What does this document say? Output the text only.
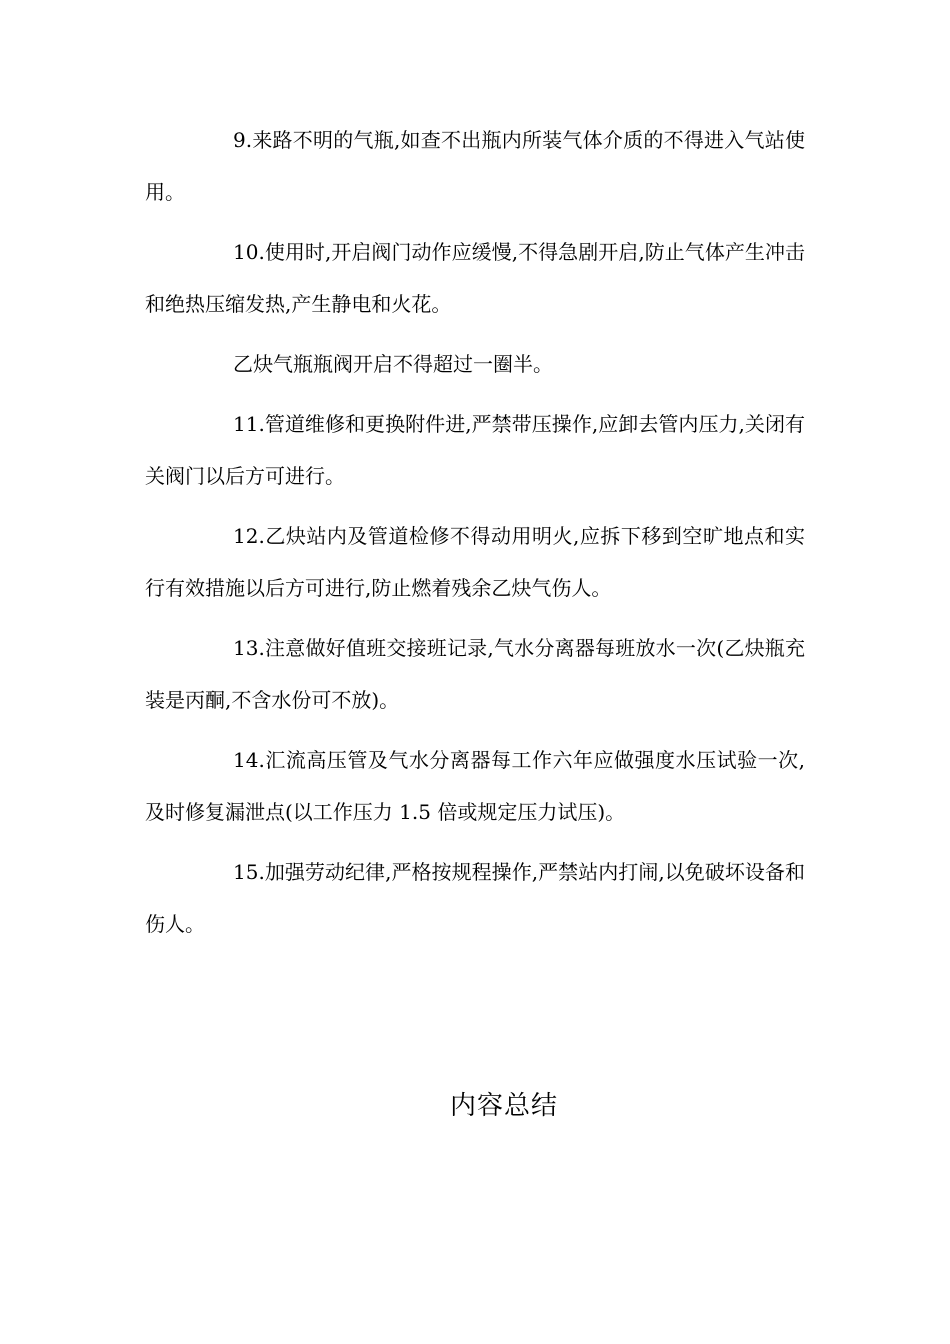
9.来路不明的气瓶,如查不出瓶内所装气体介质的不得进入气站使用。

10.使用时,开启阀门动作应缓慢,不得急剧开启,防止气体产生冲击和绝热压缩发热,产生静电和火花。

乙炔气瓶瓶阀开启不得超过一圈半。

11.管道维修和更换附件进,严禁带压操作,应卸去管内压力,关闭有关阀门以后方可进行。

12.乙炔站内及管道检修不得动用明火,应拆下移到空旷地点和实行有效措施以后方可进行,防止燃着残余乙炔气伤人。

13.注意做好值班交接班记录,气水分离器每班放水一次(乙炔瓶充装是丙酮,不含水份可不放)。

14.汇流高压管及气水分离器每工作六年应做强度水压试验一次,及时修复漏泄点(以工作压力 1.5 倍或规定压力试压)。

15.加强劳动纪律,严格按规程操作,严禁站内打闹,以免破坏设备和伤人。

内容总结
